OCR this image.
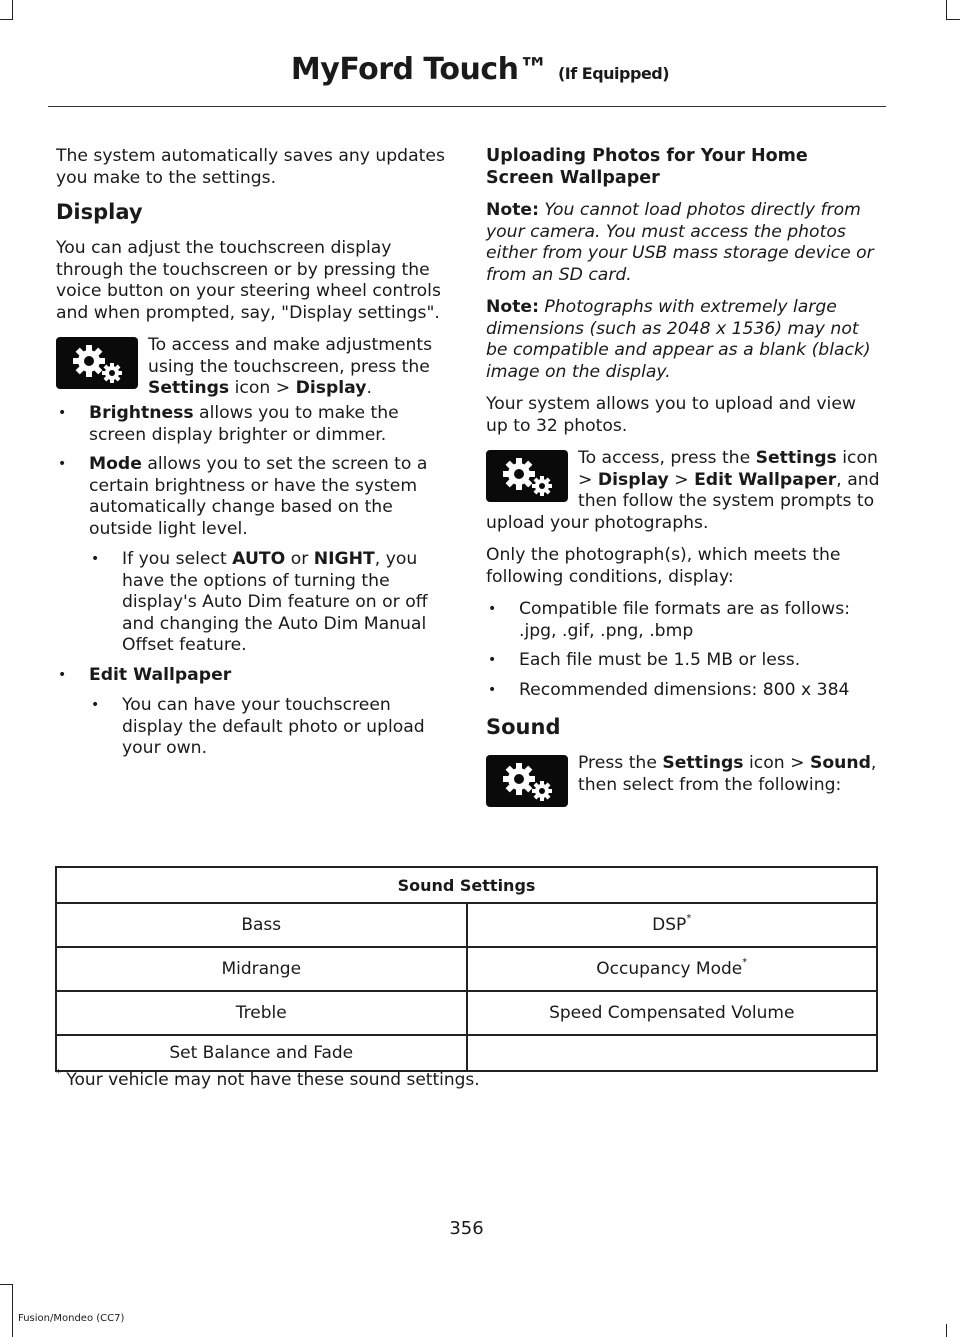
MyFord Touch™ (If Equipped)

The system automatically saves any updates you make to the settings.

Display

You can adjust the touchscreen display through the touchscreen or by pressing the voice button on your steering wheel controls and when prompted, say, "Display settings".

To access and make adjustments using the touchscreen, press the Settings icon > Display.

• Brightness allows you to make the screen display brighter or dimmer.
• Mode allows you to set the screen to a certain brightness or have the system automatically change based on the outside light level.
• If you select AUTO or NIGHT, you have the options of turning the display's Auto Dim feature on or off and changing the Auto Dim Manual Offset feature.
• Edit Wallpaper
• You can have your touchscreen display the default photo or upload your own.
Uploading Photos for Your Home Screen Wallpaper

Note: You cannot load photos directly from your camera. You must access the photos either from your USB mass storage device or from an SD card.

Note: Photographs with extremely large dimensions (such as 2048 x 1536) may not be compatible and appear as a blank (black) image on the display.

Your system allows you to upload and view up to 32 photos.

To access, press the Settings icon > Display > Edit Wallpaper, and then follow the system prompts to upload your photographs.

Only the photograph(s), which meets the following conditions, display:

• Compatible file formats are as follows: .jpg, .gif, .png, .bmp
• Each file must be 1.5 MB or less.
• Recommended dimensions: 800 x 384
Sound

Press the Settings icon > Sound, then select from the following:

Sound Settings	
Bass	DSP*
Midrange	Occupancy Mode*
Treble	Speed Compensated Volume
Set Balance and Fade	
* Your vehicle may not have these sound settings.
356
Fusion/Mondeo (CC7)
